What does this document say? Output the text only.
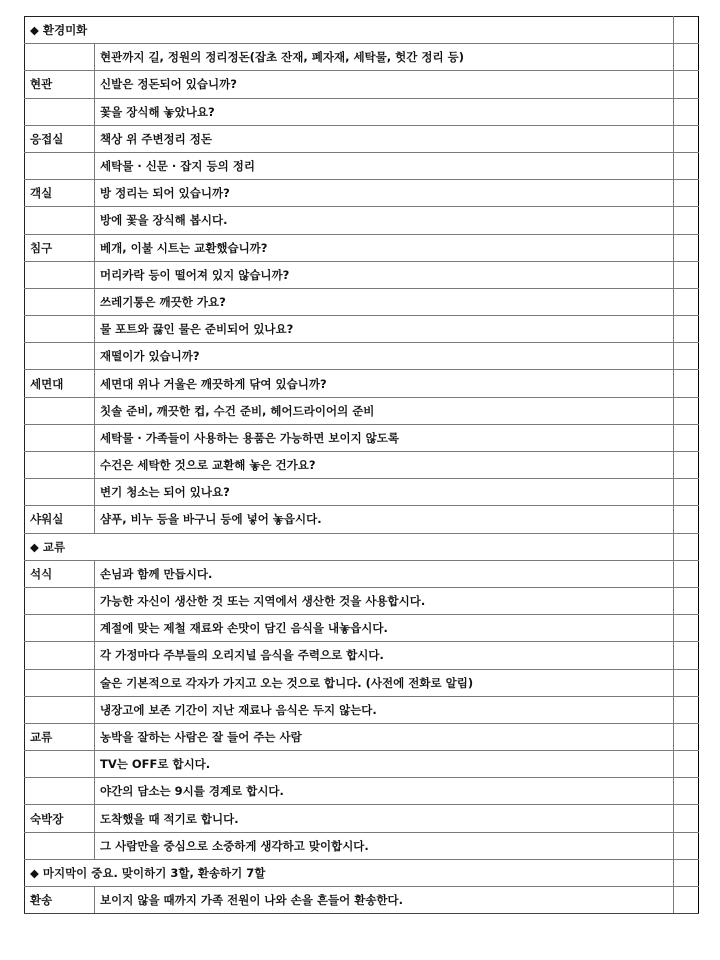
◆ 환경미화		
	현관까지 길, 정원의 정리정돈(잡초 잔재, 폐자재, 세탁물, 헛간 정리 등)	
현관	신발은 정돈되어 있습니까?	
	꽃을 장식해 놓았나요?	
응접실	책상 위 주변정리 정돈	
	세탁물 · 신문 · 잡지 등의 정리	
객실	방 정리는 되어 있습니까?	
	방에 꽃을 장식해 봅시다.	
침구	베개, 이불 시트는 교환했습니까?	
	머리카락 등이 떨어져 있지 않습니까?	
	쓰레기통은 깨끗한 가요?	
	물 포트와 끓인 물은 준비되어 있나요?	
	재떨이가 있습니까?	
세면대	세면대 위나 거울은 깨끗하게 닦여 있습니까?	
	칫솔 준비, 깨끗한 컵, 수건 준비, 헤어드라이어의 준비	
	세탁물 · 가족들이 사용하는 용품은 가능하면 보이지 않도록	
	수건은 세탁한 것으로 교환해 놓은 건가요?	
	변기 청소는 되어 있나요?	
샤워실	샴푸, 비누 등을 바구니 등에 넣어 놓읍시다.	
◆ 교류		
석식	손님과 함께 만듭시다.	
	가능한 자신이 생산한 것 또는 지역에서 생산한 것을 사용합시다.	
	계절에 맞는 제철 재료와 손맛이 담긴 음식을 내놓읍시다.	
	각 가정마다 주부들의 오리지널 음식을 주력으로 합시다.	
	술은 기본적으로 각자가 가지고 오는 것으로 합니다. (사전에 전화로 알림)	
	냉장고에 보존 기간이 지난 재료나 음식은 두지 않는다.	
교류	농박을 잘하는 사람은 잘 들어 주는 사람	
	TV는 OFF로 합시다.	
	야간의 담소는 9시를 경계로 합시다.	
숙박장	도착했을 때 적기로 합니다.	
	그 사람만을 중심으로 소중하게 생각하고 맞이합시다.	
◆ 마지막이 중요. 맞이하기 3할, 환송하기 7할		
환송	보이지 않을 때까지 가족 전원이 나와 손을 흔들어 환송한다.	
